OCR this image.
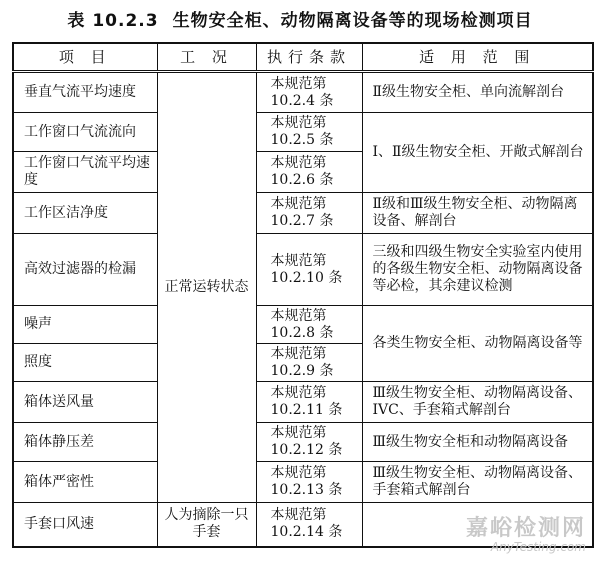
表 10.2.3 生物安全柜、动物隔离设备等的现场检测项目
项 目	工 况	执行条款	适 用 范 围
垂直气流平均速度	正常运转状态	本规范第 10.2.4 条	Ⅱ级生物安全柜、单向流解剖台
工作窗口气流流向		本规范第 10.2.5 条	Ⅰ、Ⅱ级生物安全柜、开敞式解剖台
工作窗口气流平均速度		本规范第 10.2.6 条	
工作区洁净度		本规范第 10.2.7 条	Ⅱ级和Ⅲ级生物安全柜、动物隔离设备、解剖台
高效过滤器的检漏		本规范第 10.2.10 条	三级和四级生物安全实验室内使用的各级生物安全柜、动物隔离设备等必检，其余建议检测
噪声		本规范第 10.2.8 条	各类生物安全柜、动物隔离设备等
照度		本规范第 10.2.9 条	
箱体送风量		本规范第 10.2.11 条	Ⅲ级生物安全柜、动物隔离设备、IVC、手套箱式解剖台
箱体静压差		本规范第 10.2.12 条	Ⅲ级生物安全柜和动物隔离设备
箱体严密性		本规范第 10.2.13 条	Ⅲ级生物安全柜、动物隔离设备、手套箱式解剖台
手套口风速	人为摘除一只手套	本规范第 10.2.14 条		嘉峪检测网
AnyTesting.com
